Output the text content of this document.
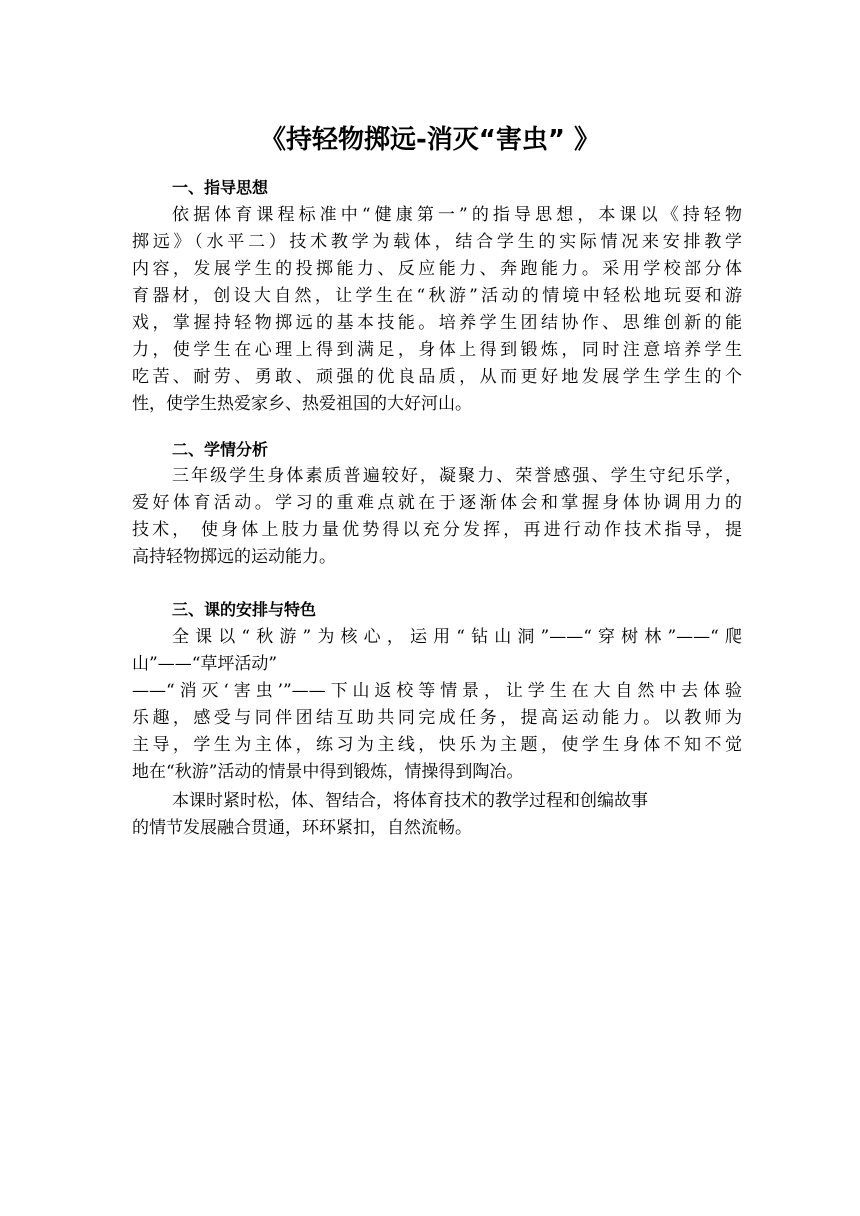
《持轻物掷远-消灭“害虫” 》
一、指导思想

依据体育课程标准中“健康第一”的指导思想，本课以《持轻物

掷远》（水平二）技术教学为载体，结合学生的实际情况来安排教学

内容，发展学生的投掷能力、反应能力、奔跑能力。采用学校部分体

育器材，创设大自然，让学生在“秋游”活动的情境中轻松地玩耍和游

戏，掌握持轻物掷远的基本技能。培养学生团结协作、思维创新的能

力，使学生在心理上得到满足，身体上得到锻炼，同时注意培养学生

吃苦、耐劳、勇敢、顽强的优良品质，从而更好地发展学生学生的个

性，使学生热爱家乡、热爱祖国的大好河山。

二、学情分析

三年级学生身体素质普遍较好，凝聚力、荣誉感强、学生守纪乐学，

爱好体育活动。学习的重难点就在于逐渐体会和掌握身体协调用力的

技术， 使身体上肢力量优势得以充分发挥，再进行动作技术指导，提

高持轻物掷远的运动能力。

三、课的安排与特色

全课以“秋游”为核心，运用“钻山洞”——“穿树林”——“爬

山”——“草坪活动”

——“消灭‘害虫’”——下山返校等情景，让学生在大自然中去体验

乐趣，感受与同伴团结互助共同完成任务，提高运动能力。以教师为

主导，学生为主体，练习为主线，快乐为主题，使学生身体不知不觉

地在“秋游”活动的情景中得到锻炼，情操得到陶冶。

本课时紧时松，体、智结合，将体育技术的教学过程和创编故事

的情节发展融合贯通，环环紧扣，自然流畅。
